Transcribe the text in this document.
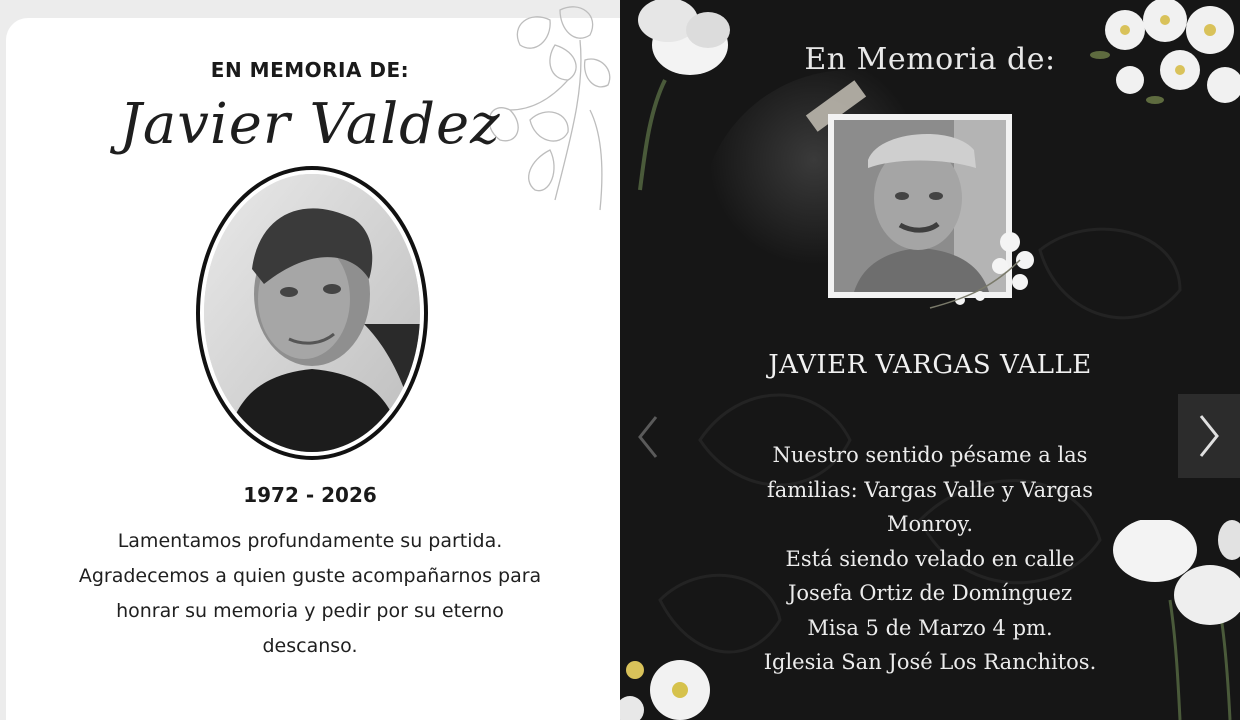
EN MEMORIA DE:
Javier Valdez
1972 - 2026
Lamentamos profundamente su partida.
Agradecemos a quien guste acompañarnos para
honrar su memoria y pedir por su eterno
descanso.
En Memoria de:
JAVIER VARGAS VALLE
Nuestro sentido pésame a las
familias: Vargas Valle y Vargas
Monroy.
Está siendo velado en calle
Josefa Ortiz de Domínguez
Misa 5 de Marzo 4 pm.
Iglesia San José Los Ranchitos.
